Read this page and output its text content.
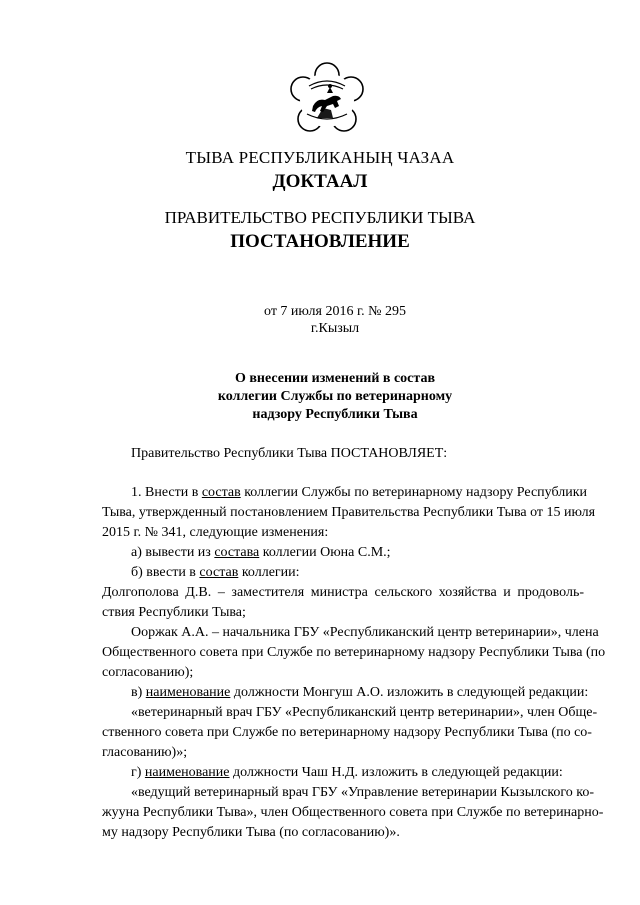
ТЫВА РЕСПУБЛИКАНЫҢ ЧАЗАА
ДОКТААЛ
ПРАВИТЕЛЬСТВО РЕСПУБЛИКИ ТЫВА
ПОСТАНОВЛЕНИЕ
от 7 июля 2016 г. № 295
г.Кызыл
О внесении изменений в состав
коллегии Службы по ветеринарному
надзору Республики Тыва
Правительство Республики Тыва ПОСТАНОВЛЯЕТ:
1. Внести в состав коллегии Службы по ветеринарному надзору Республики
Тыва, утвержденный постановлением Правительства Республики Тыва от 15 июля
2015 г. № 341, следующие изменения:
а) вывести из состава коллегии Оюна С.М.;
б) ввести в состав коллегии:
Долгополова Д.В. – заместителя министра сельского хозяйства и продоволь-
ствия Республики Тыва;
Ооржак А.А. – начальника ГБУ «Республиканский центр ветеринарии», члена
Общественного совета при Службе по ветеринарному надзору Республики Тыва (по
согласованию);
в) наименование должности Монгуш А.О. изложить в следующей редакции:
«ветеринарный врач ГБУ «Республиканский центр ветеринарии», член Обще-
ственного совета при Службе по ветеринарному надзору Республики Тыва (по со-
гласованию)»;
г) наименование должности Чаш Н.Д. изложить в следующей редакции:
«ведущий ветеринарный врач ГБУ «Управление ветеринарии Кызылского ко-
жууна Республики Тыва», член Общественного совета при Службе по ветеринарно-
му надзору Республики Тыва (по согласованию)».
